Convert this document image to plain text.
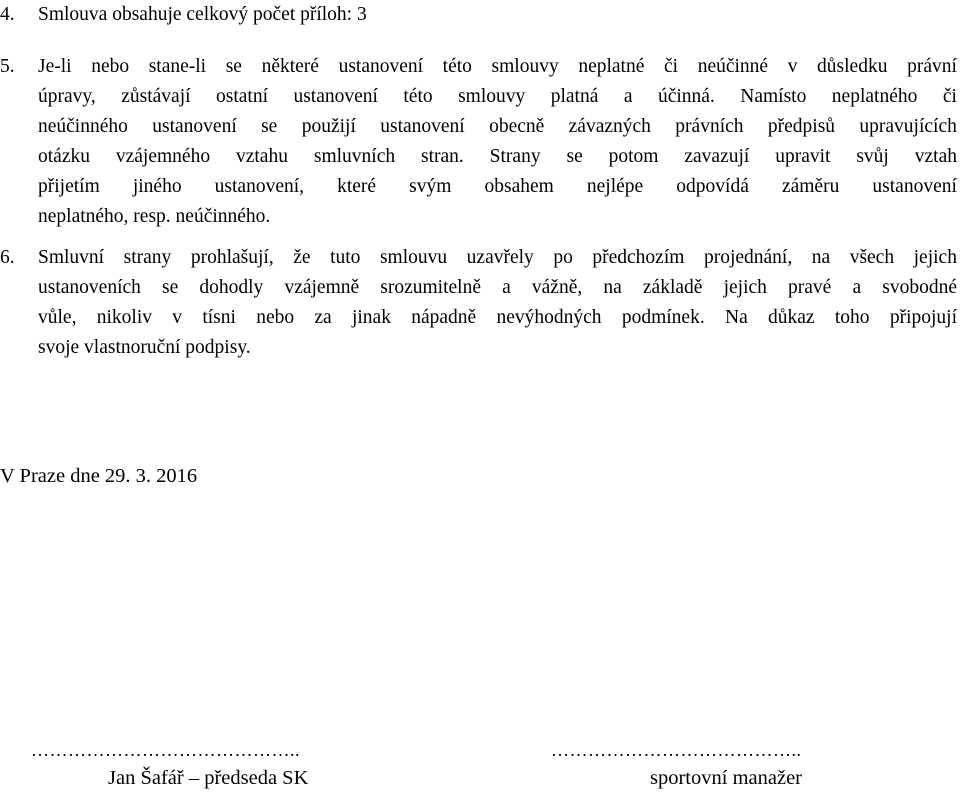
4. Smlouva obsahuje celkový počet příloh: 3
5. Je-li nebo stane-li se některé ustanovení této smlouvy neplatné či neúčinné v důsledku právní
úpravy, zůstávají ostatní ustanovení této smlouvy platná a účinná. Namísto neplatného či
neúčinného ustanovení se použijí ustanovení obecně závazných právních předpisů upravujících
otázku vzájemného vztahu smluvních stran. Strany se potom zavazují upravit svůj vztah
přijetím jiného ustanovení, které svým obsahem nejlépe odpovídá záměru ustanovení
neplatného, resp. neúčinného.
6. Smluvní strany prohlašují, že tuto smlouvu uzavřely po předchozím projednání, na všech jejich
ustanoveních se dohodly vzájemně srozumitelně a vážně, na základě jejich pravé a svobodné
vůle, nikoliv v tísni nebo za jinak nápadně nevýhodných podmínek. Na důkaz toho připojují
svoje vlastnoruční podpisy.
V Praze dne 29. 3. 2016
……………………………………..	…………………………………..
Jan Šafář – předseda SK	sportovní manažer
